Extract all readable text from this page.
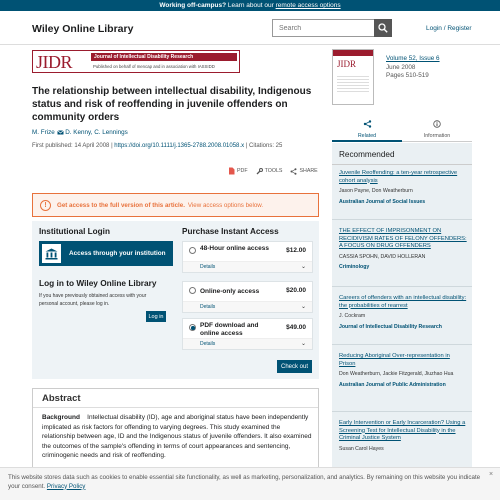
Working off-campus? Learn about our remote access options
Wiley Online Library
Search	Login / Register
JIDR	Journal of Intellectual Disability Research
Published on behalf of mencap and in association with IASSIDD	JIDR
Volume 52, Issue 6
June 2008
Pages 510-519
The relationship between intellectual disability, Indigenous status and risk of reoffending in juvenile offenders on community orders
M. Frize D. Kenny, C. Lennings
First published: 14 April 2008 | https://doi.org/10.1111/j.1365-2788.2008.01058.x | Citations: 25
PDF	TOOLS	SHARE
!	Get access to the full version of this article. View access options below.
Institutional Login
Access through your institution
Log in to Wiley Online Library
If you have previously obtained access with your personal account, please log in.
Log in
Purchase Instant Access
48-Hour online access	$12.00
Details	⌄
Online-only access	$20.00
Details	⌄
PDF download and online access
$49.00
Details	⌄
Check out
Abstract

Background Intellectual disability (ID), age and aboriginal status have been independently implicated as risk factors for offending to varying degrees. This study examined the relationship between age, ID and the Indigenous status of juvenile offenders. It also examined the outcomes of the sample's offending in terms of court appearances and sentencing, criminogenic needs and risk of reoffending.

Related	Information
Recommended
Juvenile Reoffending: a ten-year retrospective cohort analysis
Jason Payne, Don Weatherburn
Australian Journal of Social Issues
THE EFFECT OF IMPRISONMENT ON RECIDIVISM RATES OF FELONY OFFENDERS: A FOCUS ON DRUG OFFENDERS
CASSIA SPOHN, DAVID HOLLERAN
Criminology
Careers of offenders with an intellectual disability: the probabilities of rearrest
J. Cockram
Journal of Intellectual Disability Research
Reducing Aboriginal Over-representation in Prison
Don Weatherburn, Jackie Fitzgerald, Jiuzhao Hua
Australian Journal of Public Administration
Early Intervention or Early Incarceration? Using a Screening Test for Intellectual Disability in the Criminal Justice System
Susan Carol Hayes
This website stores data such as cookies to enable essential site functionality, as well as marketing, personalization, and analytics. By remaining on this website you indicate your consent. Privacy Policy
×
